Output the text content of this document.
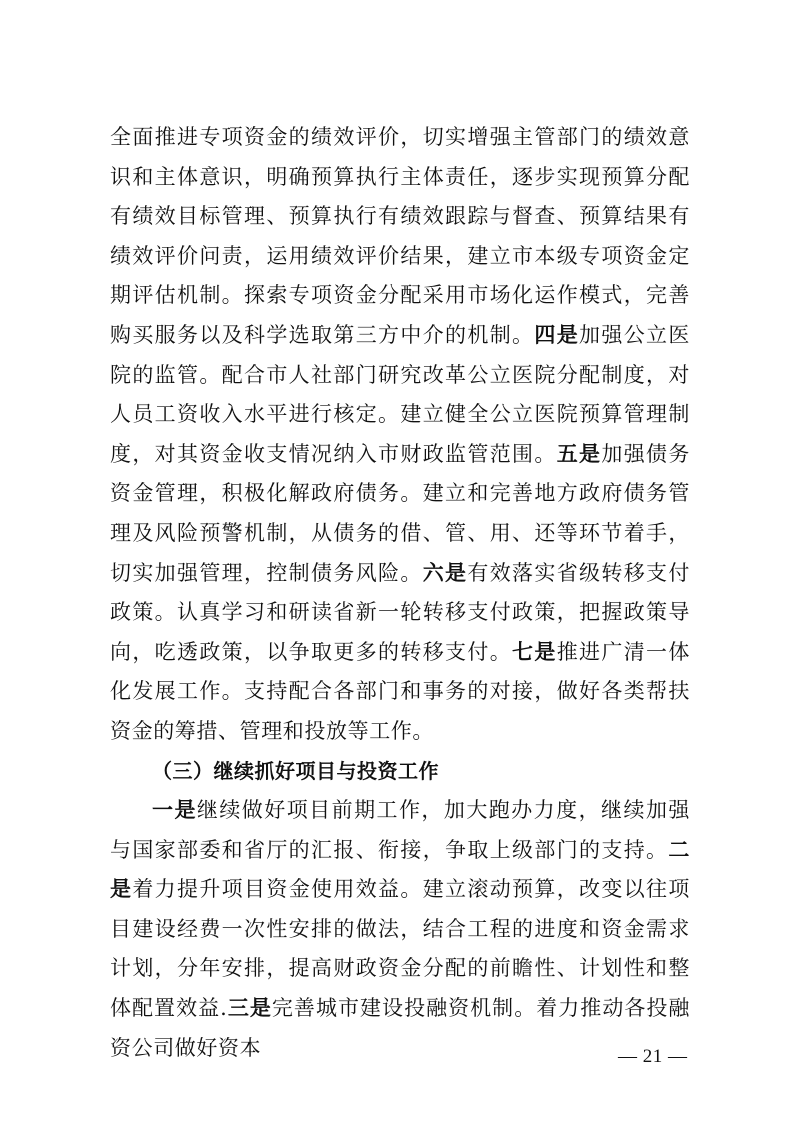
全面推进专项资金的绩效评价，切实增强主管部门的绩效意识和主体意识，明确预算执行主体责任，逐步实现预算分配有绩效目标管理、预算执行有绩效跟踪与督查、预算结果有绩效评价问责，运用绩效评价结果，建立市本级专项资金定期评估机制。探索专项资金分配采用市场化运作模式，完善购买服务以及科学选取第三方中介的机制。四是加强公立医院的监管。配合市人社部门研究改革公立医院分配制度，对人员工资收入水平进行核定。建立健全公立医院预算管理制度，对其资金收支情况纳入市财政监管范围。五是加强债务资金管理，积极化解政府债务。建立和完善地方政府债务管理及风险预警机制，从债务的借、管、用、还等环节着手，切实加强管理，控制债务风险。六是有效落实省级转移支付政策。认真学习和研读省新一轮转移支付政策，把握政策导向，吃透政策，以争取更多的转移支付。七是推进广清一体化发展工作。支持配合各部门和事务的对接，做好各类帮扶资金的筹措、管理和投放等工作。

（三）继续抓好项目与投资工作

一是继续做好项目前期工作，加大跑办力度，继续加强与国家部委和省厅的汇报、衔接，争取上级部门的支持。二是着力提升项目资金使用效益。建立滚动预算，改变以往项目建设经费一次性安排的做法，结合工程的进度和资金需求计划，分年安排，提高财政资金分配的前瞻性、计划性和整体配置效益.三是完善城市建设投融资机制。着力推动各投融资公司做好资本	— 21 —
